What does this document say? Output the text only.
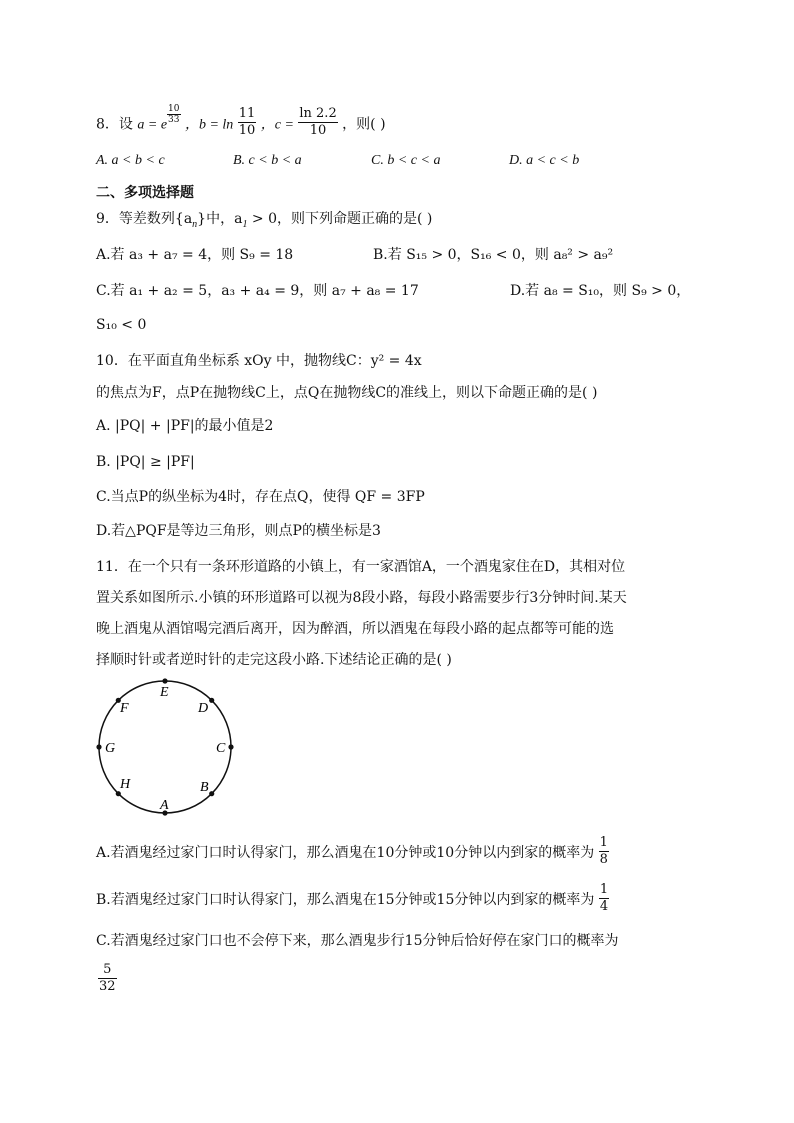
8．设 a = e $\frac{10}{33}$ ，$b = \ln \frac{11}{10}$ ，$c = \frac{\ln 2.2}{10}$ ，则( )
A. a < b < c	B. c < b < a	C. b < c < a	D. a < c < b
二、多项选择题
9．等差数列$\{a_n\}$中，$a_1 > 0$，则下列命题正确的是( )
A.若 a₃ + a₇ = 4，则 S₉ = 18	B.若 S₁₅ > 0，S₁₆ < 0，则 a₈² > a₉²
C.若 a₁ + a₂ = 5，a₃ + a₄ = 9，则 a₇ + a₈ = 17	D.若 a₈ = S₁₀，则 S₉ > 0，
S₁₀ < 0
10．在平面直角坐标系 xOy 中，抛物线C：y² = 4x
的焦点为F，点P在抛物线C上，点Q在抛物线C的准线上，则以下命题正确的是( )
A. |PQ| + |PF|的最小值是2
B. |PQ| ≥ |PF|
C.当点P的纵坐标为4时，存在点Q，使得 QF = 3FP
D.若△PQF是等边三角形，则点P的横坐标是3
11．在一个只有一条环形道路的小镇上，有一家酒馆A，一个酒鬼家住在D，其相对位
置关系如图所示.小镇的环形道路可以视为8段小路，每段小路需要步行3分钟时间.某天
晚上酒鬼从酒馆喝完酒后离开，因为醉酒，所以酒鬼在每段小路的起点都等可能的选
择顺时针或者逆时针的走完这段小路.下述结论正确的是( )
E
D
C
B
A
H
G
F
A.若酒鬼经过家门口时认得家门，那么酒鬼在10分钟或10分钟以内到家的概率为 $\frac{1}{8}$
B.若酒鬼经过家门口时认得家门，那么酒鬼在15分钟或15分钟以内到家的概率为 $\frac{1}{4}$
C.若酒鬼经过家门口也不会停下来，那么酒鬼步行15分钟后恰好停在家门口的概率为
$\frac{5}{32}$
